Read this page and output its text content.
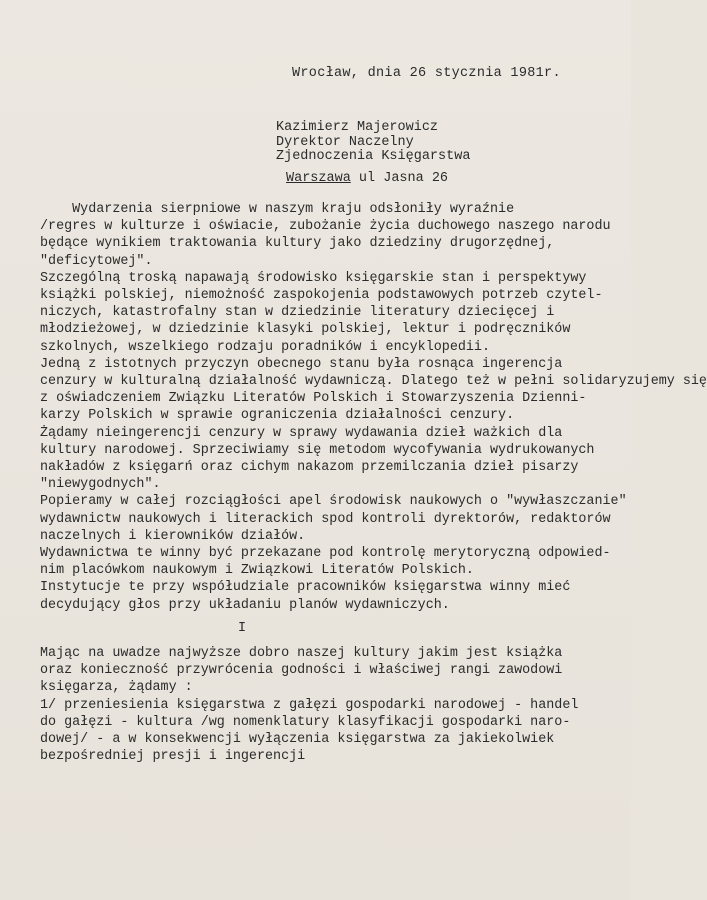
Wrocław, dnia 26 stycznia 1981r.
Kazimierz Majerowicz
Dyrektor Naczelny
Zjednoczenia Księgarstwa
Warszawa ul Jasna 26
Wydarzenia sierpniowe w naszym kraju odsłoniły wyraźnie
/regres w kulturze i oświacie, zubożanie życia duchowego naszego narodu
będące wynikiem traktowania kultury jako dziedziny drugorzędnej,
"deficytowej".
Szczególną troską napawają środowisko księgarskie stan i perspektywy
książki polskiej, niemożność zaspokojenia podstawowych potrzeb czytel-
niczych, katastrofalny stan w dziedzinie literatury dziecięcej i
młodzieżowej, w dziedzinie klasyki polskiej, lektur i podręczników
szkolnych, wszelkiego rodzaju poradników i encyklopedii.
Jedną z istotnych przyczyn obecnego stanu była rosnąca ingerencja
cenzury w kulturalną działalność wydawniczą. Dlatego też w pełni solidaryzujemy się
z oświadczeniem Związku Literatów Polskich i Stowarzyszenia Dzienni-
karzy Polskich w sprawie ograniczenia działalności cenzury.
Żądamy nieingerencji cenzury w sprawy wydawania dzieł ważkich dla
kultury narodowej. Sprzeciwiamy się metodom wycofywania wydrukowanych
nakładów z księgarń oraz cichym nakazom przemilczania dzieł pisarzy
"niewygodnych".
Popieramy w całej rozciągłości apel środowisk naukowych o "wywłaszczanie"
wydawnictw naukowych i literackich spod kontroli dyrektorów, redaktorów
naczelnych i kierowników działów.
Wydawnictwa te winny być przekazane pod kontrolę merytoryczną odpowied-
nim placówkom naukowym i Związkowi Literatów Polskich.
Instytucje te przy współudziale pracowników księgarstwa winny mieć
decydujący głos przy układaniu planów wydawniczych.
I
Mając na uwadze najwyższe dobro naszej kultury jakim jest książka
oraz konieczność przywrócenia godności i właściwej rangi zawodowi
księgarza, żądamy :
1/ przeniesienia księgarstwa z gałęzi gospodarki narodowej - handel
do gałęzi - kultura /wg nomenklatury klasyfikacji gospodarki naro-
dowej/ - a w konsekwencji wyłączenia księgarstwa za jakiekolwiek
bezpośredniej presji i ingerencji
